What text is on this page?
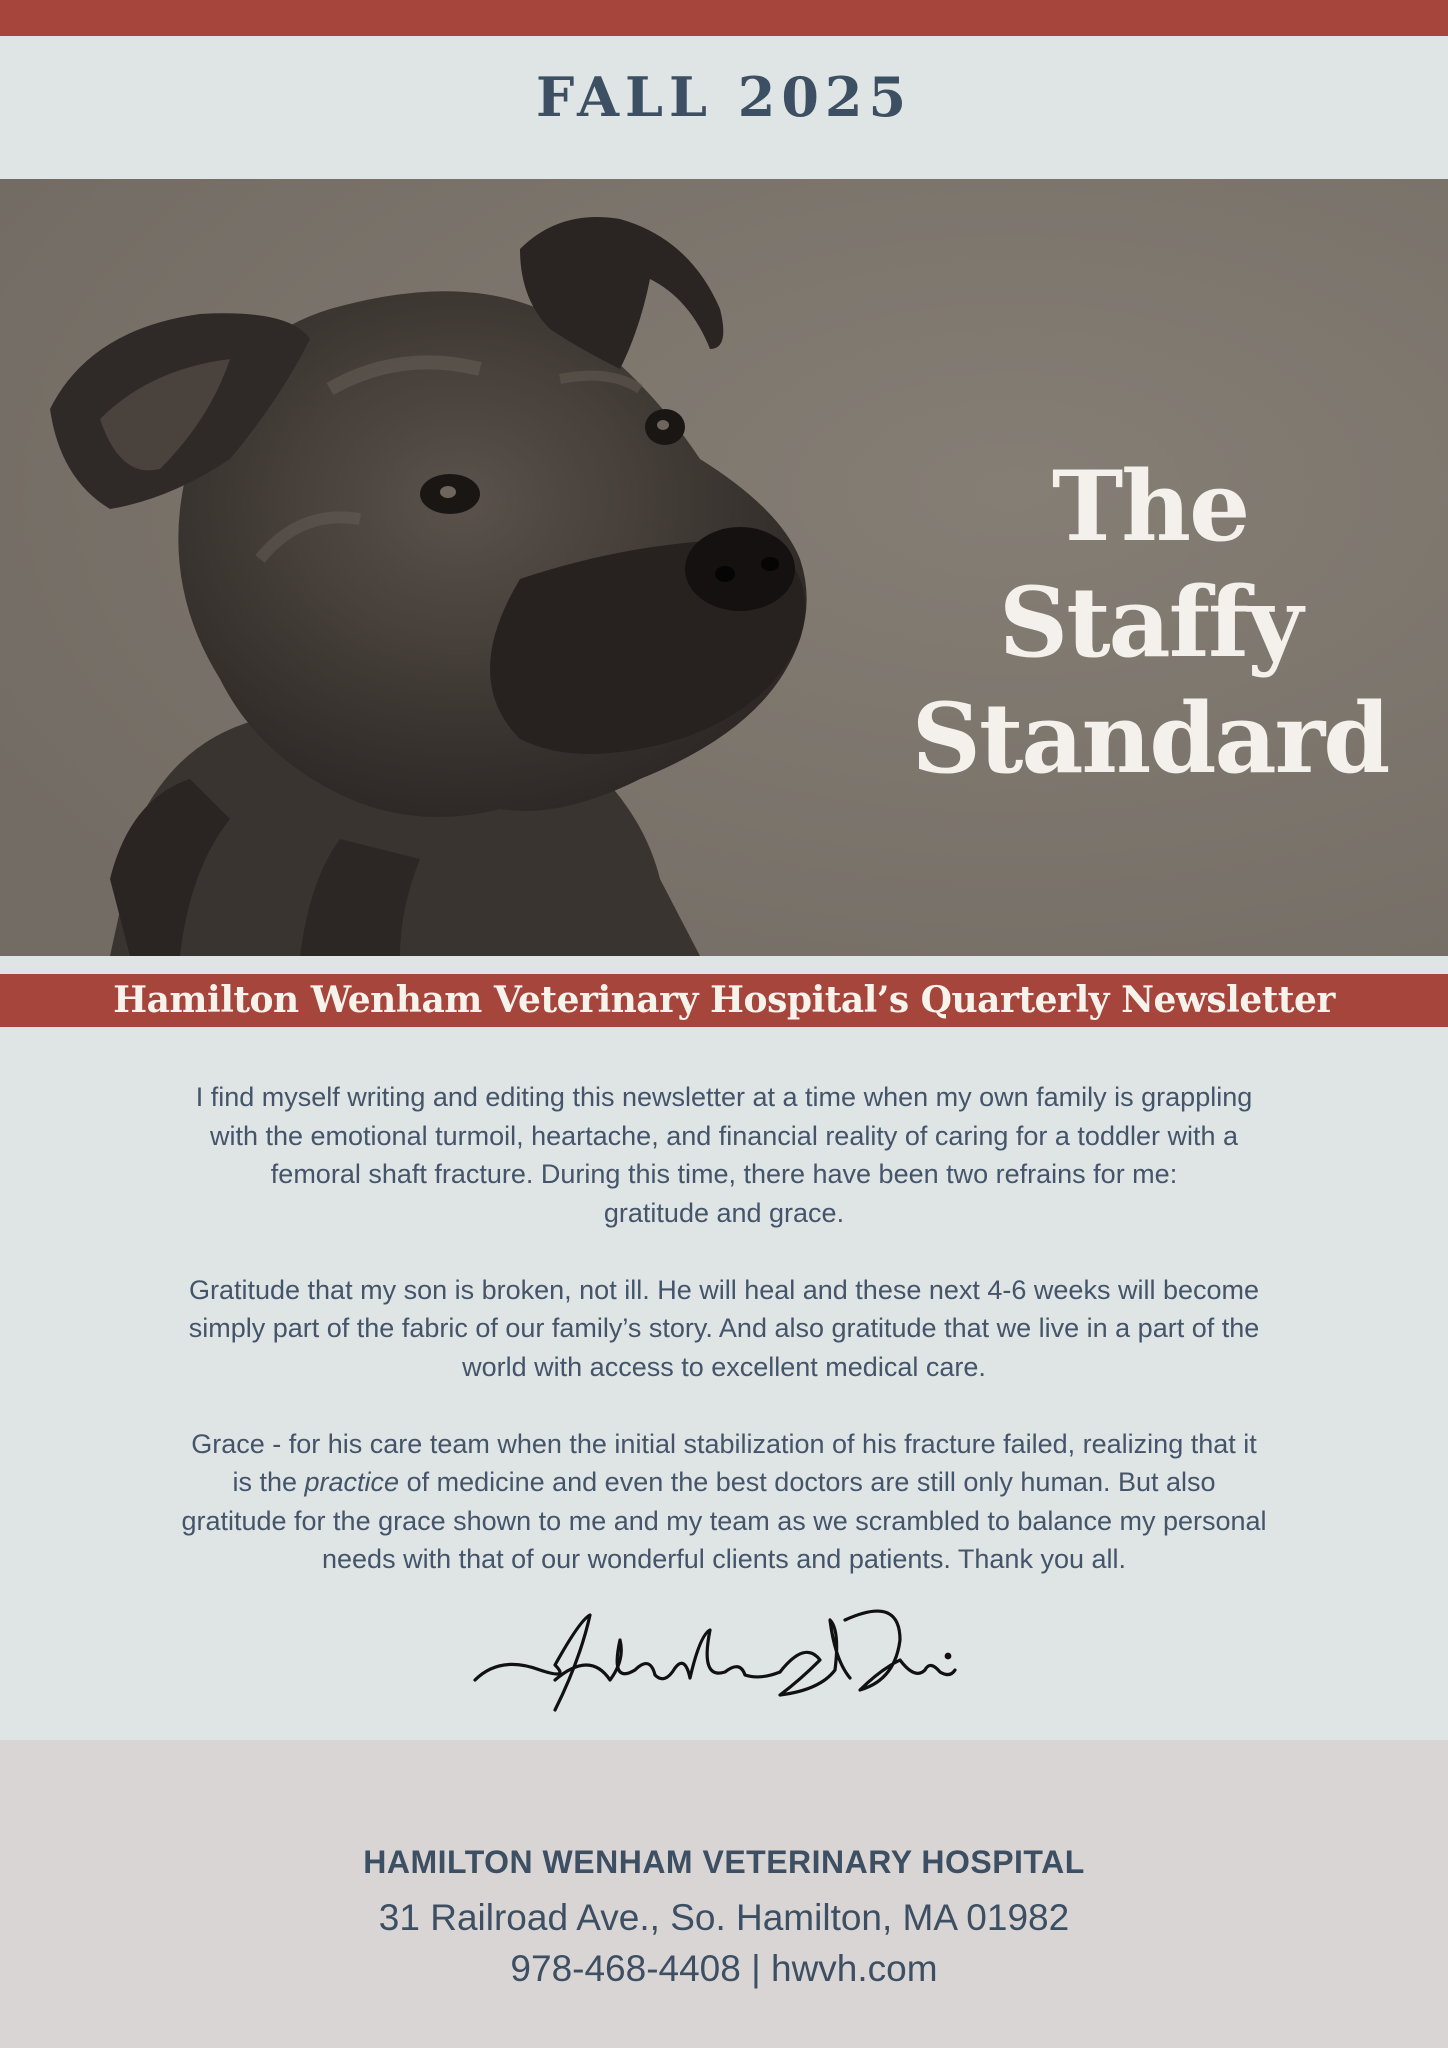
FALL 2025
The Staffy
Standard
Hamilton Wenham Veterinary Hospital’s Quarterly Newsletter

I find myself writing and editing this newsletter at a time when my own family is grappling
with the emotional turmoil, heartache, and financial reality of caring for a toddler with a
femoral shaft fracture. During this time, there have been two refrains for me:
gratitude and grace.

Gratitude that my son is broken, not ill. He will heal and these next 4-6 weeks will become
simply part of the fabric of our family’s story. And also gratitude that we live in a part of the
world with access to excellent medical care.

Grace - for his care team when the initial stabilization of his fracture failed, realizing that it
is the practice of medicine and even the best doctors are still only human. But also
gratitude for the grace shown to me and my team as we scrambled to balance my personal
needs with that of our wonderful clients and patients. Thank you all.

HAMILTON WENHAM VETERINARY HOSPITAL
31 Railroad Ave., So. Hamilton, MA 01982
978-468-4408 | hwvh.com
